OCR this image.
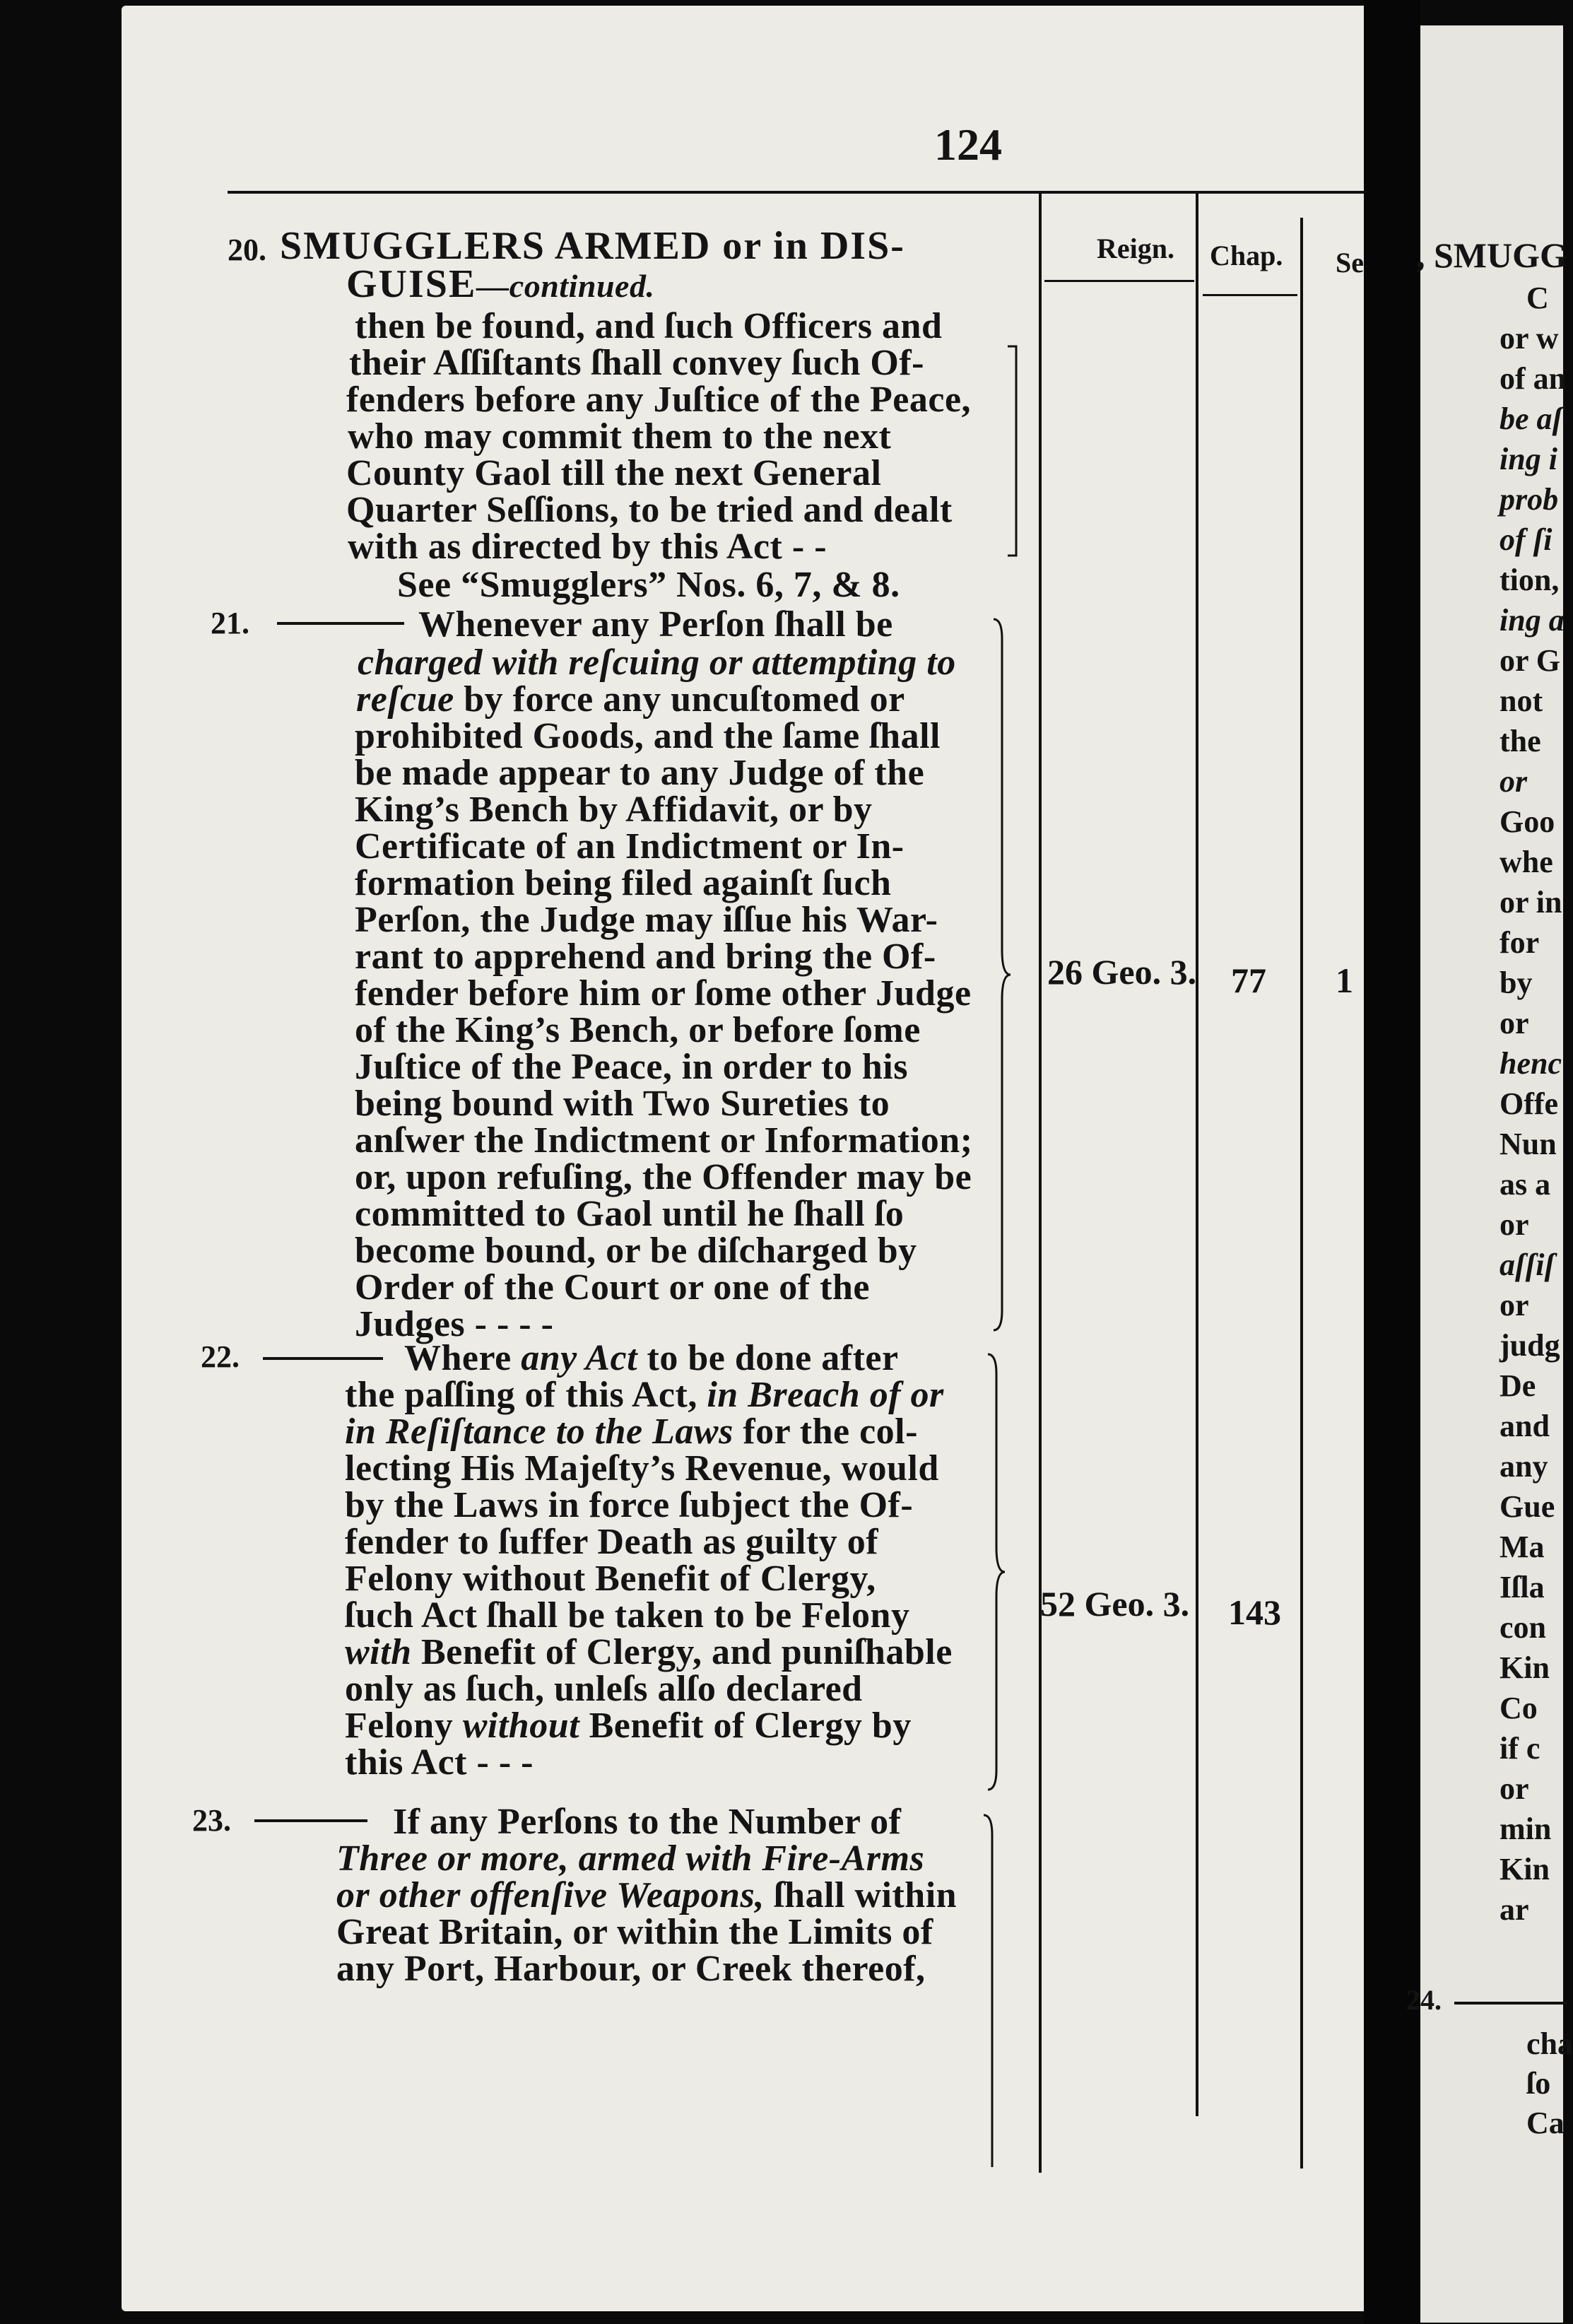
124
Reign. Chap. Se
20. SMUGGLERS ARMED or in DIS-
GUISE—continued.
then be found, and ſuch Officers and
their Aſſiſtants ſhall convey ſuch Of-
fenders before any Juſtice of the Peace,
who may commit them to the next
County Gaol till the next General
Quarter Seſſions, to be tried and dealt
with as directed by this Act - -
See “Smugglers” Nos. 6, 7, & 8.
21.	Whenever any Perſon ſhall be
charged with reſcuing or attempting to
reſcue by force any uncuſtomed or
prohibited Goods, and the ſame ſhall
be made appear to any Judge of the
King’s Bench by Affidavit, or by
Certificate of an Indictment or In-
formation being filed againſt ſuch
Perſon, the Judge may iſſue his War-
rant to apprehend and bring the Of-
fender before him or ſome other Judge
of the King’s Bench, or before ſome
Juſtice of the Peace, in order to his
being bound with Two Sureties to
anſwer the Indictment or Information;
or, upon refuſing, the Offender may be
committed to Gaol until he ſhall ſo
become bound, or be diſcharged by
Order of the Court or one of the
Judges - - - -
26 Geo. 3. 77 1
22.	Where any Act to be done after
the paſſing of this Act, in Breach of or
in Reſiſtance to the Laws for the col-
lecting His Majeſty’s Revenue, would
by the Laws in force ſubject the Of-
fender to ſuffer Death as guilty of
Felony without Benefit of Clergy,
ſuch Act ſhall be taken to be Felony
with Benefit of Clergy, and puniſhable
only as ſuch, unleſs alſo declared
Felony without Benefit of Clergy by
this Act - - -
52 Geo. 3. 143
23.	If any Perſons to the Number of
Three or more, armed with Fire-Arms
or other offenſive Weapons, ſhall within
Great Britain, or within the Limits of
any Port, Harbour, or Creek thereof,
, SMUGG
C
or w
of an
be aſ
ing i
prob
of ſi
tion,
ing a
or G
not
the
or
Goo
whe
or in
for
by
or
henc
Offe
Nun
as a
or
aſſiſ
or
judg
De
and
any
Gue
Ma
Iſla
con
Kin
Co
if c
or
min
Kin
ar
24.
cha
ſo
Ca
